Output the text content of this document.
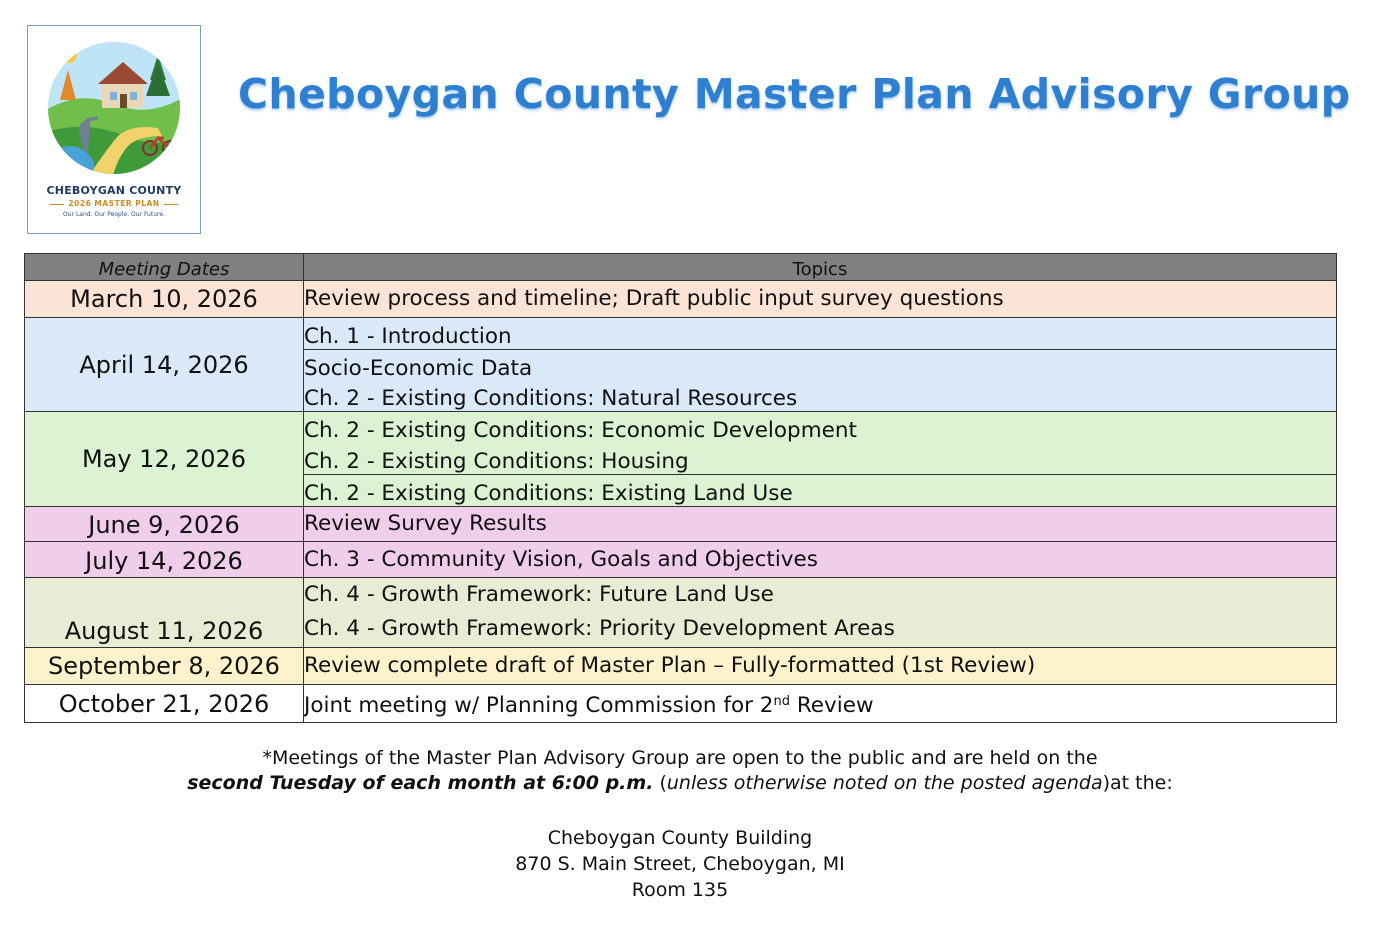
CHEBOYGAN COUNTY
2026 MASTER PLAN
Our Land. Our People. Our Future.
Cheboygan County Master Plan Advisory Group
Meeting Dates	Topics
March 10, 2026	Review process and timeline; Draft public input survey questions
April 14, 2026	Ch. 1 - Introduction
	Socio-Economic Data
	Ch. 2 - Existing Conditions: Natural Resources
May 12, 2026	Ch. 2 - Existing Conditions: Economic Development
	Ch. 2 - Existing Conditions: Housing
	Ch. 2 - Existing Conditions: Existing Land Use
June 9, 2026	Review Survey Results
July 14, 2026	Ch. 3 - Community Vision, Goals and Objectives
August 11, 2026	Ch. 4 - Growth Framework: Future Land Use
	Ch. 4 - Growth Framework: Priority Development Areas
September 8, 2026	Review complete draft of Master Plan – Fully-formatted (1st Review)
October 21, 2026	Joint meeting w/ Planning Commission for 2nd Review
*Meetings of the Master Plan Advisory Group are open to the public and are held on the
second Tuesday of each month at 6:00 p.m. (unless otherwise noted on the posted agenda)at the:
Cheboygan County Building
870 S. Main Street, Cheboygan, MI
Room 135
